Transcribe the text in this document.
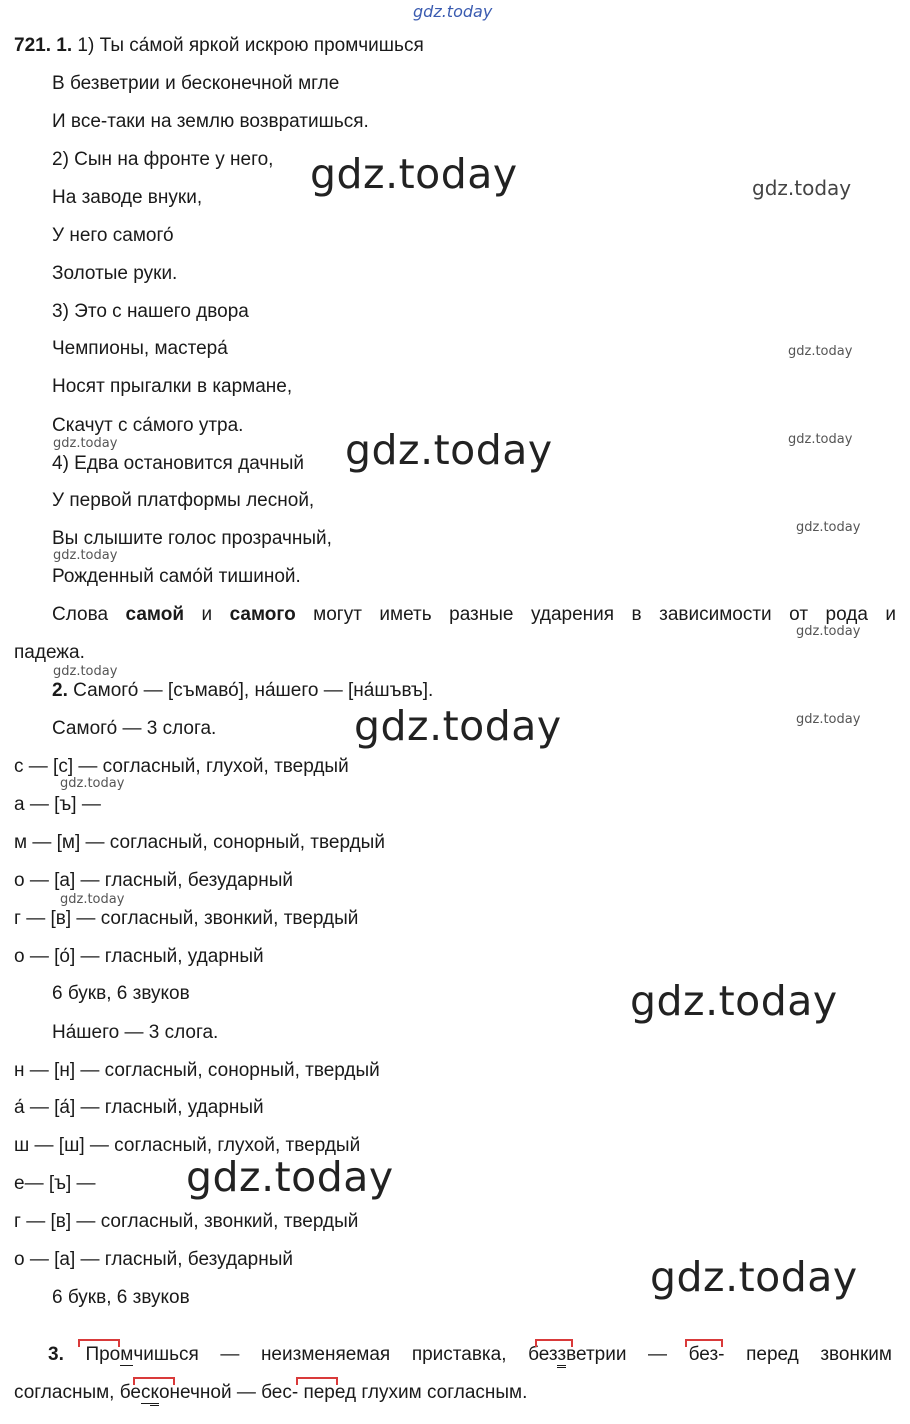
gdz.today
721. 1. 1) Ты са́мой яркой искрою промчишься
В безветрии и бесконечной мгле
И все-таки на землю возвратишься.
2) Сын на фронте у него,
На заводе внуки,
У него самого́
Золотые руки.
3) Это с нашего двора
Чемпионы, мастера́
Носят прыгалки в кармане,
Скачут с са́мого утра.
4) Едва остановится дачный
У первой платформы лесной,
Вы слышите голос прозрачный,
Рожденный само́й тишиной.
Слова самой и самого могут иметь разные ударения в зависимости от рода и
падежа.
2. Самого́ — [съмаво́], на́шего — [на́шъвъ].
Самого́ — 3 слога.
с — [с] — согласный, глухой, твердый
а — [ъ] —
м — [м] — согласный, сонорный, твердый
о — [а] — гласный, безударный
г — [в] — согласный, звонкий, твердый
о — [о́] — гласный, ударный
6 букв, 6 звуков
На́шего — 3 слога.
н — [н] — согласный, сонорный, твердый
а́ — [а́] — гласный, ударный
ш — [ш] — согласный, глухой, твердый
е— [ъ] —
г — [в] — согласный, звонкий, твердый
о — [а] — гласный, безударный
6 букв, 6 звуков
3. Промчишься — неизменяемая приставка, беззветрии — без- перед звонким
согласным, бесконечной — бес- перед глухим согласным.
gdz.today
gdz.today
gdz.today
gdz.today
gdz.today
gdz.today
gdz.today
gdz.today
gdz.today
gdz.today
gdz.today
gdz.today
gdz.today
gdz.today
gdz.today
gdz.today
gdz.today
